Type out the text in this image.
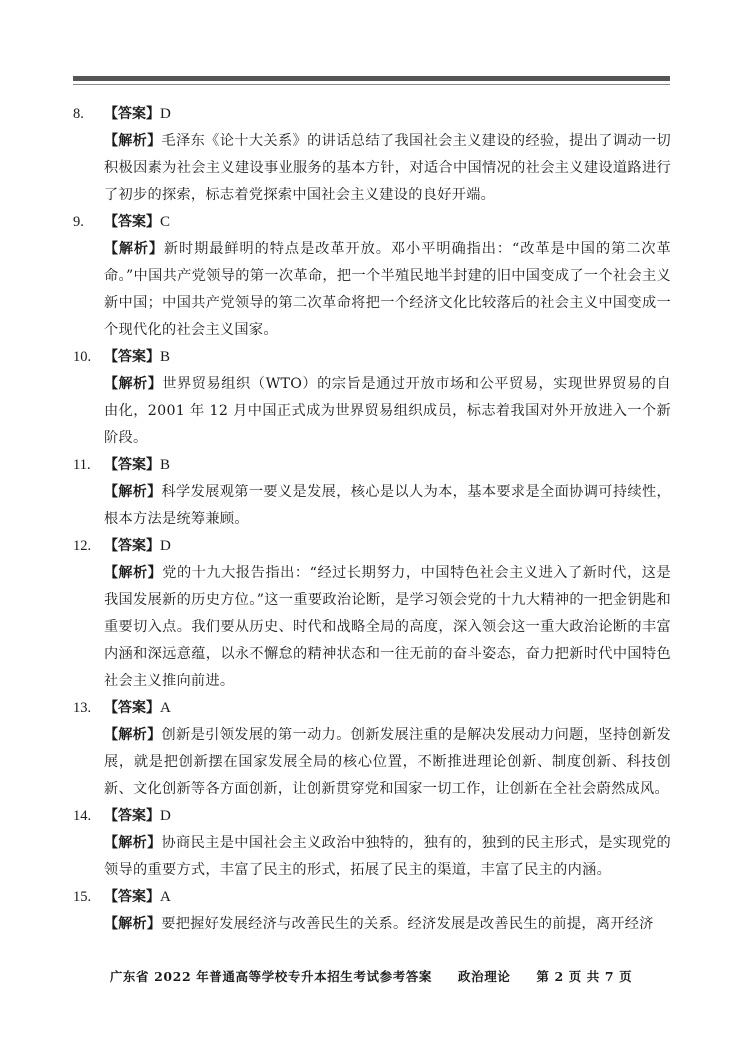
8. 【答案】D
【解析】毛泽东《论十大关系》的讲话总结了我国社会主义建设的经验，提出了调动一切积极因素为社会主义建设事业服务的基本方针，对适合中国情况的社会主义建设道路进行了初步的探索，标志着党探索中国社会主义建设的良好开端。
9. 【答案】C
【解析】新时期最鲜明的特点是改革开放。邓小平明确指出：“改革是中国的第二次革命。”中国共产党领导的第一次革命，把一个半殖民地半封建的旧中国变成了一个社会主义新中国；中国共产党领导的第二次革命将把一个经济文化比较落后的社会主义中国变成一个现代化的社会主义国家。
10. 【答案】B
【解析】世界贸易组织（WTO）的宗旨是通过开放市场和公平贸易，实现世界贸易的自由化，2001 年 12 月中国正式成为世界贸易组织成员，标志着我国对外开放进入一个新阶段。
11. 【答案】B
【解析】科学发展观第一要义是发展，核心是以人为本，基本要求是全面协调可持续性，根本方法是统筹兼顾。
12. 【答案】D
【解析】党的十九大报告指出：“经过长期努力，中国特色社会主义进入了新时代，这是我国发展新的历史方位。”这一重要政治论断，是学习领会党的十九大精神的一把金钥匙和重要切入点。我们要从历史、时代和战略全局的高度，深入领会这一重大政治论断的丰富内涵和深远意蕴，以永不懈怠的精神状态和一往无前的奋斗姿态，奋力把新时代中国特色社会主义推向前进。
13. 【答案】A
【解析】创新是引领发展的第一动力。创新发展注重的是解决发展动力问题，坚持创新发展，就是把创新摆在国家发展全局的核心位置，不断推进理论创新、制度创新、科技创新、文化创新等各方面创新，让创新贯穿党和国家一切工作，让创新在全社会蔚然成风。
14. 【答案】D
【解析】协商民主是中国社会主义政治中独特的，独有的，独到的民主形式，是实现党的领导的重要方式，丰富了民主的形式，拓展了民主的渠道，丰富了民主的内涵。
15. 【答案】A
【解析】要把握好发展经济与改善民生的关系。经济发展是改善民生的前提，离开经济
广东省 2022 年普通高等学校专升本招生考试参考答案 政治理论 第 2 页 共 7 页
